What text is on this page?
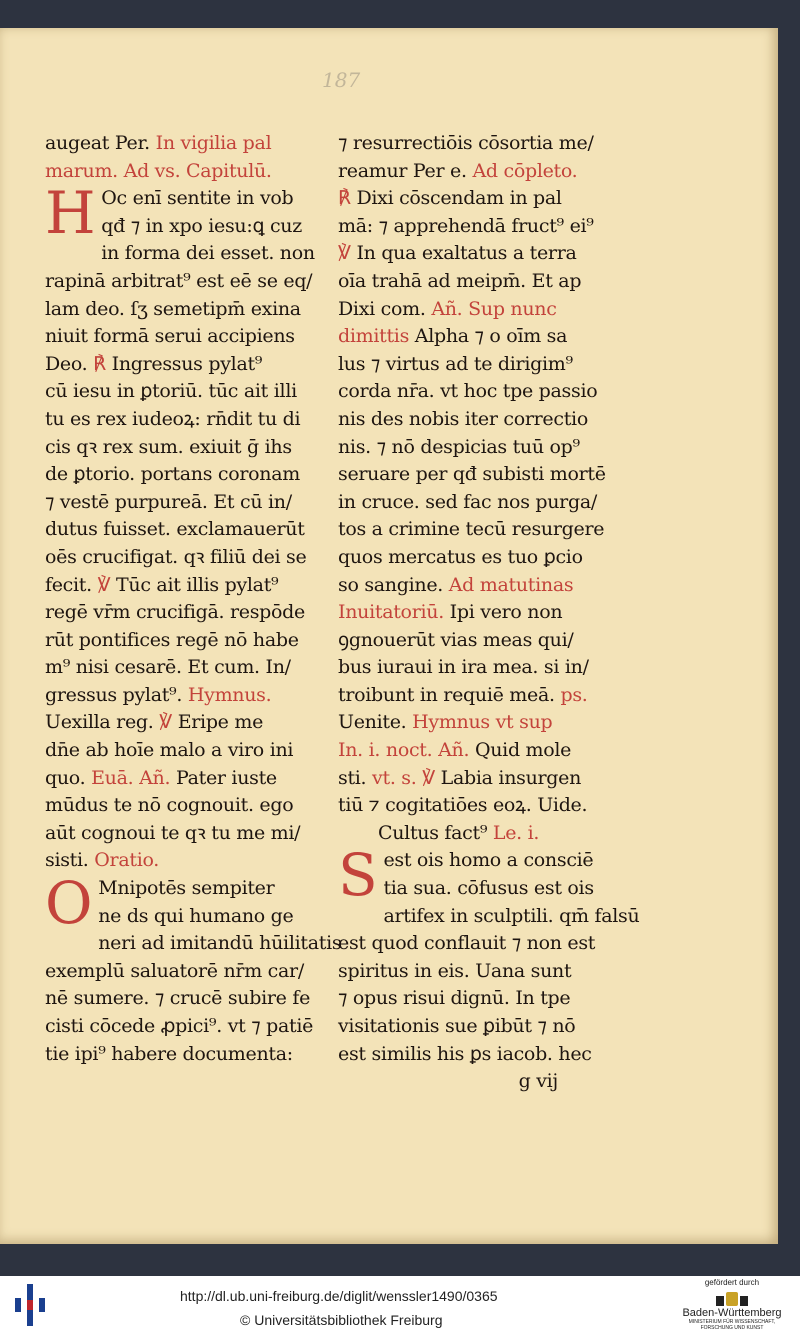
187
augeat Per. In vigilia pal
marum. Ad vs. Capitulū.
H Oc enī sentite in vob
qđ ⁊ in xpo iesu:ꝗ cuz
in forma dei esset. non
rapinā arbitrat⁹ est eē se eq/
lam deo. ſʒ semetipm̄ exina
niuit formā serui accipiens
Deo. ℟ Ingressus pylat⁹
cū iesu in ꝑtoriū. tūc ait illi
tu es rex iudeoꝝ: rn̄dit tu di
cis qꝛ rex sum. exiuit ḡ ihs
de ꝑtorio. portans coronam
⁊ vestē purpureā. Et cū in/
dutus fuisset. exclamauerūt
oēs crucifigat. qꝛ filiū dei se
fecit. ℣ Tūc ait illis pylat⁹
regē vr̄m crucifigā. respōde
rūt pontifices regē nō habe
m⁹ nisi cesarē. Et cum. In/
gressus pylat⁹. Hymnus.
Uexilla reg. ℣ Eripe me
dn̄e ab hoīe malo a viro ini
quo. Euā. Añ. Pater iuste
mūdus te nō cognouit. ego
aūt cognoui te qꝛ tu me mi/
sisti. Oratio.
O Mnipotēs sempiter
ne ds qui humano ge
neri ad imitandū hūilitatis
exemplū saluatorē nr̄m car/
nē sumere. ⁊ crucē subire fe
cisti cōcede ꝓpici⁹. vt ⁊ patiē
tie ipi⁹ habere documenta:
⁊ resurrectiōis cōsortia me/
reamur Per e. Ad cōpleto.
℟ Dixi cōscendam in pal
mā: ⁊ apprehendā fruct⁹ ei⁹
℣ In qua exaltatus a terra
oīa trahā ad meipm̄. Et ap
Dixi com. Añ. Sup nunc
dimittis Alpha ⁊ o oīm sa
lus ⁊ virtus ad te dirigim⁹
corda nr̄a. vt hoc tpe passio
nis des nobis iter correctio
nis. ⁊ nō despicias tuū op⁹
seruare per qđ subisti mortē
in cruce. sed fac nos purga/
tos a crimine tecū resurgere
quos mercatus es tuo ꝑcio
so sangine. Ad matutinas
Inuitatoriū. Ipi vero non
ꝯgnouerūt vias meas qui/
bus iuraui in ira mea. si in/
troibunt in requiē meā. ps.
Uenite. Hymnus vt sup
In. i. noct. Añ. Quid mole
sti. vt. s. ℣ Labia insurgen
tiū ⁊ cogitatiōes eoꝝ. Uide.
Cultus fact⁹ Le. i.
Sest ois homo a consciē
tia sua. cōfusus est ois
artifex in sculptili. qm̄ falsū
est quod conflauit ⁊ non est
spiritus in eis. Uana sunt
⁊ opus risui dignū. In tpe
visitationis sue ꝑibūt ⁊ nō
est similis his ꝑs iacob. hec
g vij
http://dl.ub.uni-freiburg.de/diglit/wenssler1490/0365
© Universitätsbibliothek Freiburg
gefördert durch
Baden-Württemberg
MINISTERIUM FÜR WISSENSCHAFT, FORSCHUNG UND KUNST
